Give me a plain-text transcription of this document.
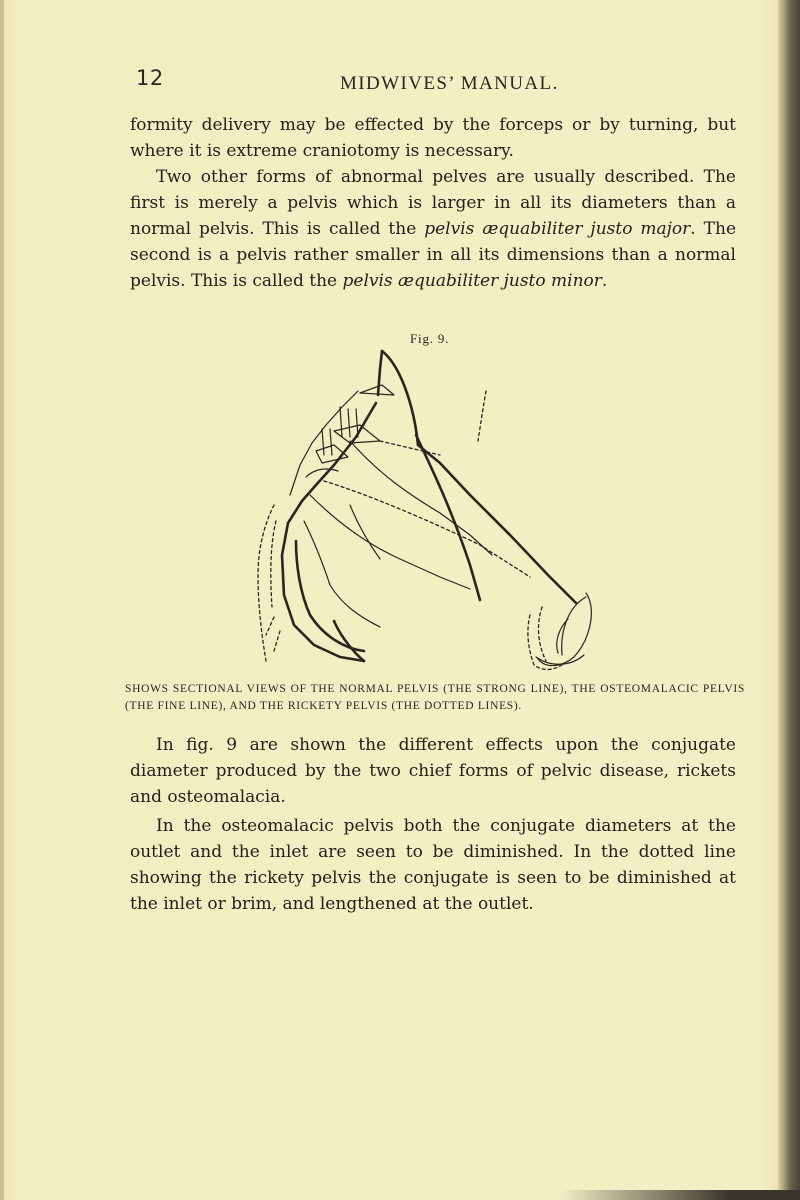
12	MIDWIVES’ MANUAL.

formity delivery may be effected by the forceps or by turning, but where it is extreme craniotomy is necessary.

Two other forms of abnormal pelves are usually described. The first is merely a pelvis which is larger in all its diameters than a normal pelvis. This is called the pelvis æquabiliter justo major. The second is a pelvis rather smaller in all its dimensions than a normal pelvis. This is called the pelvis æquabiliter justo minor.

Fig. 9.

SHOWS SECTIONAL VIEWS OF THE NORMAL PELVIS (THE STRONG LINE), THE OSTEOMALACIC PELVIS (THE FINE LINE), AND THE RICKETY PELVIS (THE DOTTED LINES).

In fig. 9 are shown the different effects upon the conjugate diameter produced by the two chief forms of pelvic disease, rickets and osteomalacia.

In the osteomalacic pelvis both the conjugate diameters at the outlet and the inlet are seen to be diminished. In the dotted line showing the rickety pelvis the conjugate is seen to be diminished at the inlet or brim, and lengthened at the outlet.
